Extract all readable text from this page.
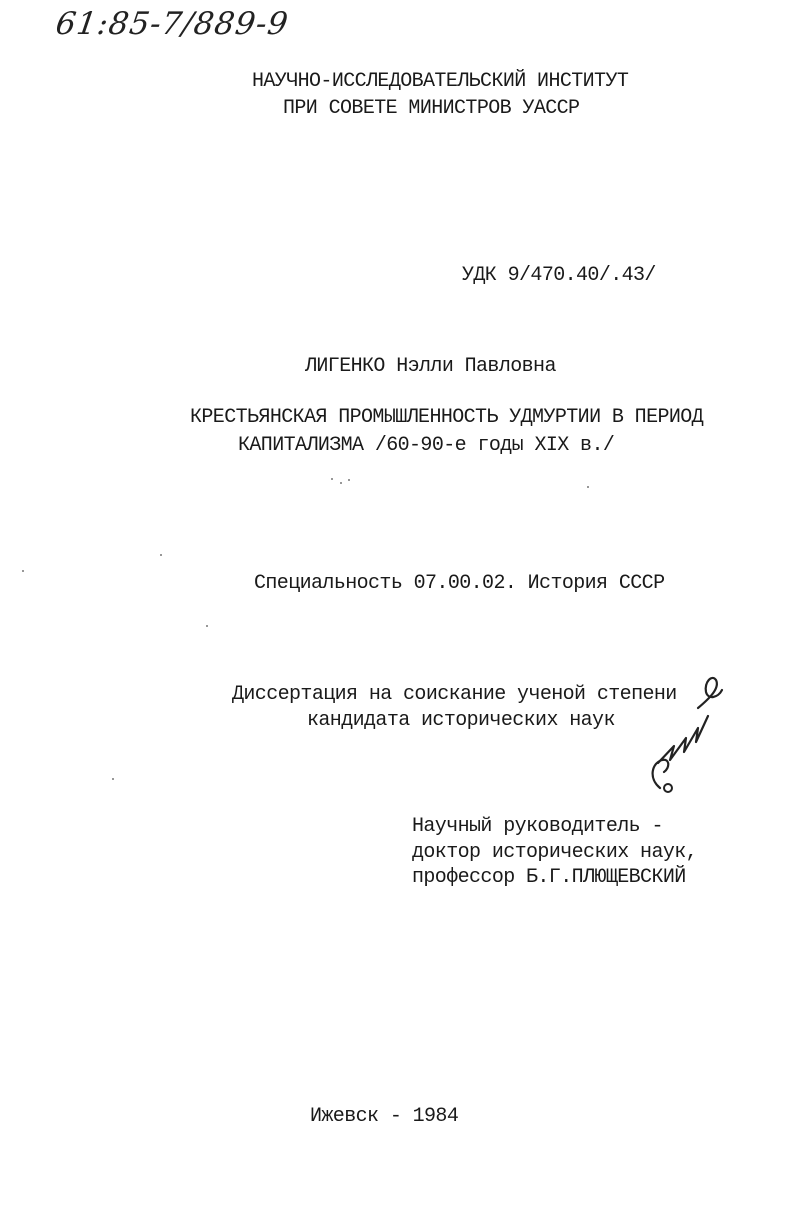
61:85-7/889-9
НАУЧНО-ИССЛЕДОВАТЕЛЬСКИЙ ИНСТИТУТ
ПРИ СОВЕТЕ МИНИСТРОВ УАССР
УДК 9/470.40/.43/
ЛИГЕНКО Нэлли Павловна
КРЕСТЬЯНСКАЯ ПРОМЫШЛЕННОСТЬ УДМУРТИИ В ПЕРИОД
КАПИТАЛИЗМА /60-90-е годы XIX в./
Специальность 07.00.02. История СССР
Диссертация на соискание ученой степени
кандидата исторических наук
Научный руководитель -
доктор исторических наук,
профессор Б.Г.ПЛЮЩЕВСКИЙ
Ижевск - 1984
